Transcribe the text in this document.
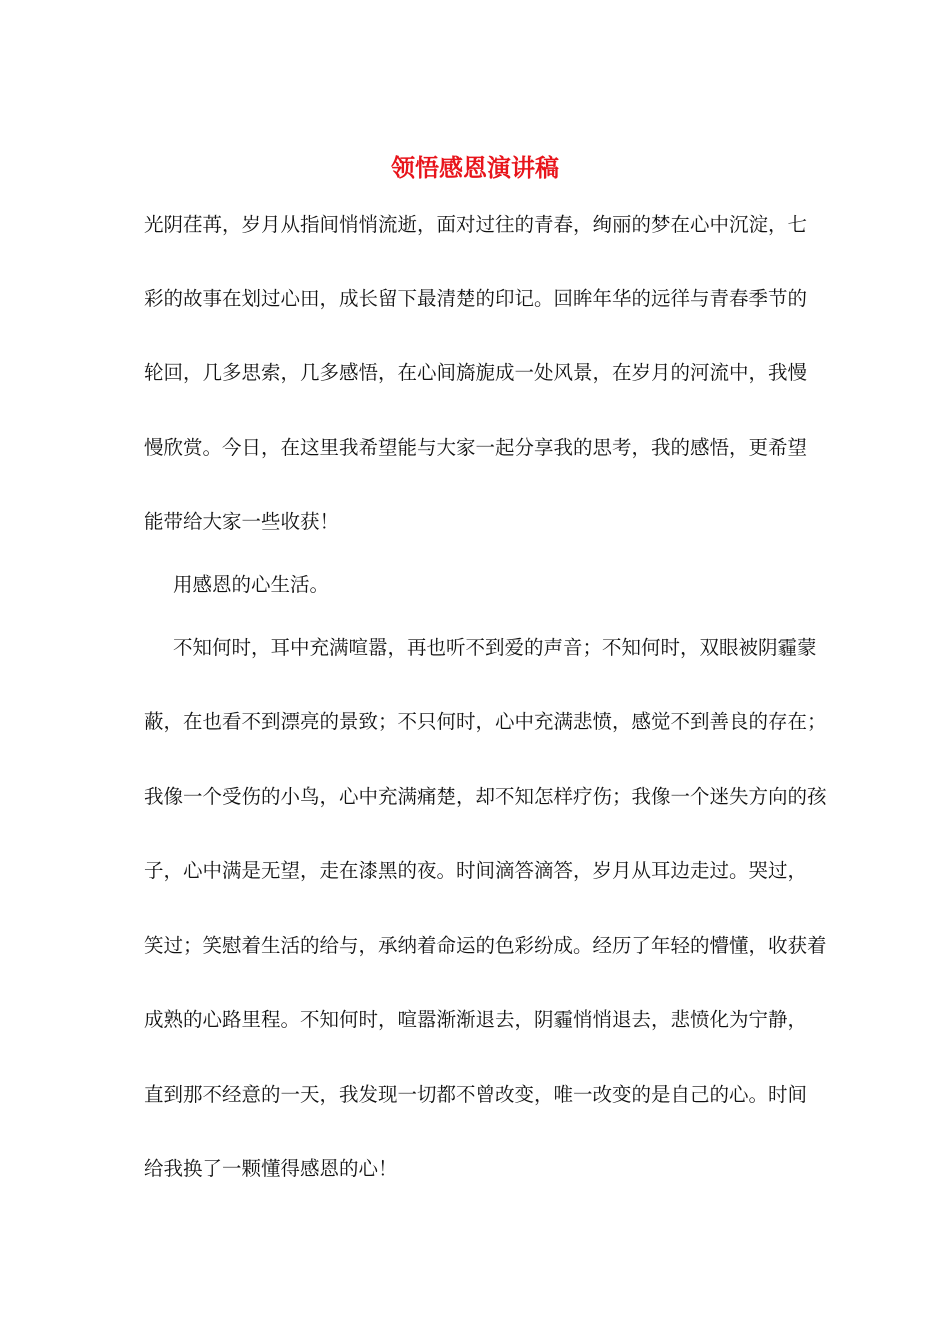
领悟感恩演讲稿
光阴荏苒，岁月从指间悄悄流逝，面对过往的青春，绚丽的梦在心中沉淀，七
彩的故事在划过心田，成长留下最清楚的印记。回眸年华的远徉与青春季节的
轮回，几多思索，几多感悟，在心间旖旎成一处风景，在岁月的河流中，我慢
慢欣赏。今日，在这里我希望能与大家一起分享我的思考，我的感悟，更希望
能带给大家一些收获！
用感恩的心生活。
不知何时，耳中充满喧嚣，再也听不到爱的声音；不知何时，双眼被阴霾蒙
蔽，在也看不到漂亮的景致；不只何时，心中充满悲愤，感觉不到善良的存在；
我像一个受伤的小鸟，心中充满痛楚，却不知怎样疗伤；我像一个迷失方向的孩
子，心中满是无望，走在漆黑的夜。时间滴答滴答，岁月从耳边走过。哭过，
笑过；笑慰着生活的给与，承纳着命运的色彩纷成。经历了年轻的懵懂，收获着
成熟的心路里程。不知何时，喧嚣渐渐退去，阴霾悄悄退去，悲愤化为宁静，
直到那不经意的一天，我发现一切都不曾改变，唯一改变的是自己的心。时间
给我换了一颗懂得感恩的心！
